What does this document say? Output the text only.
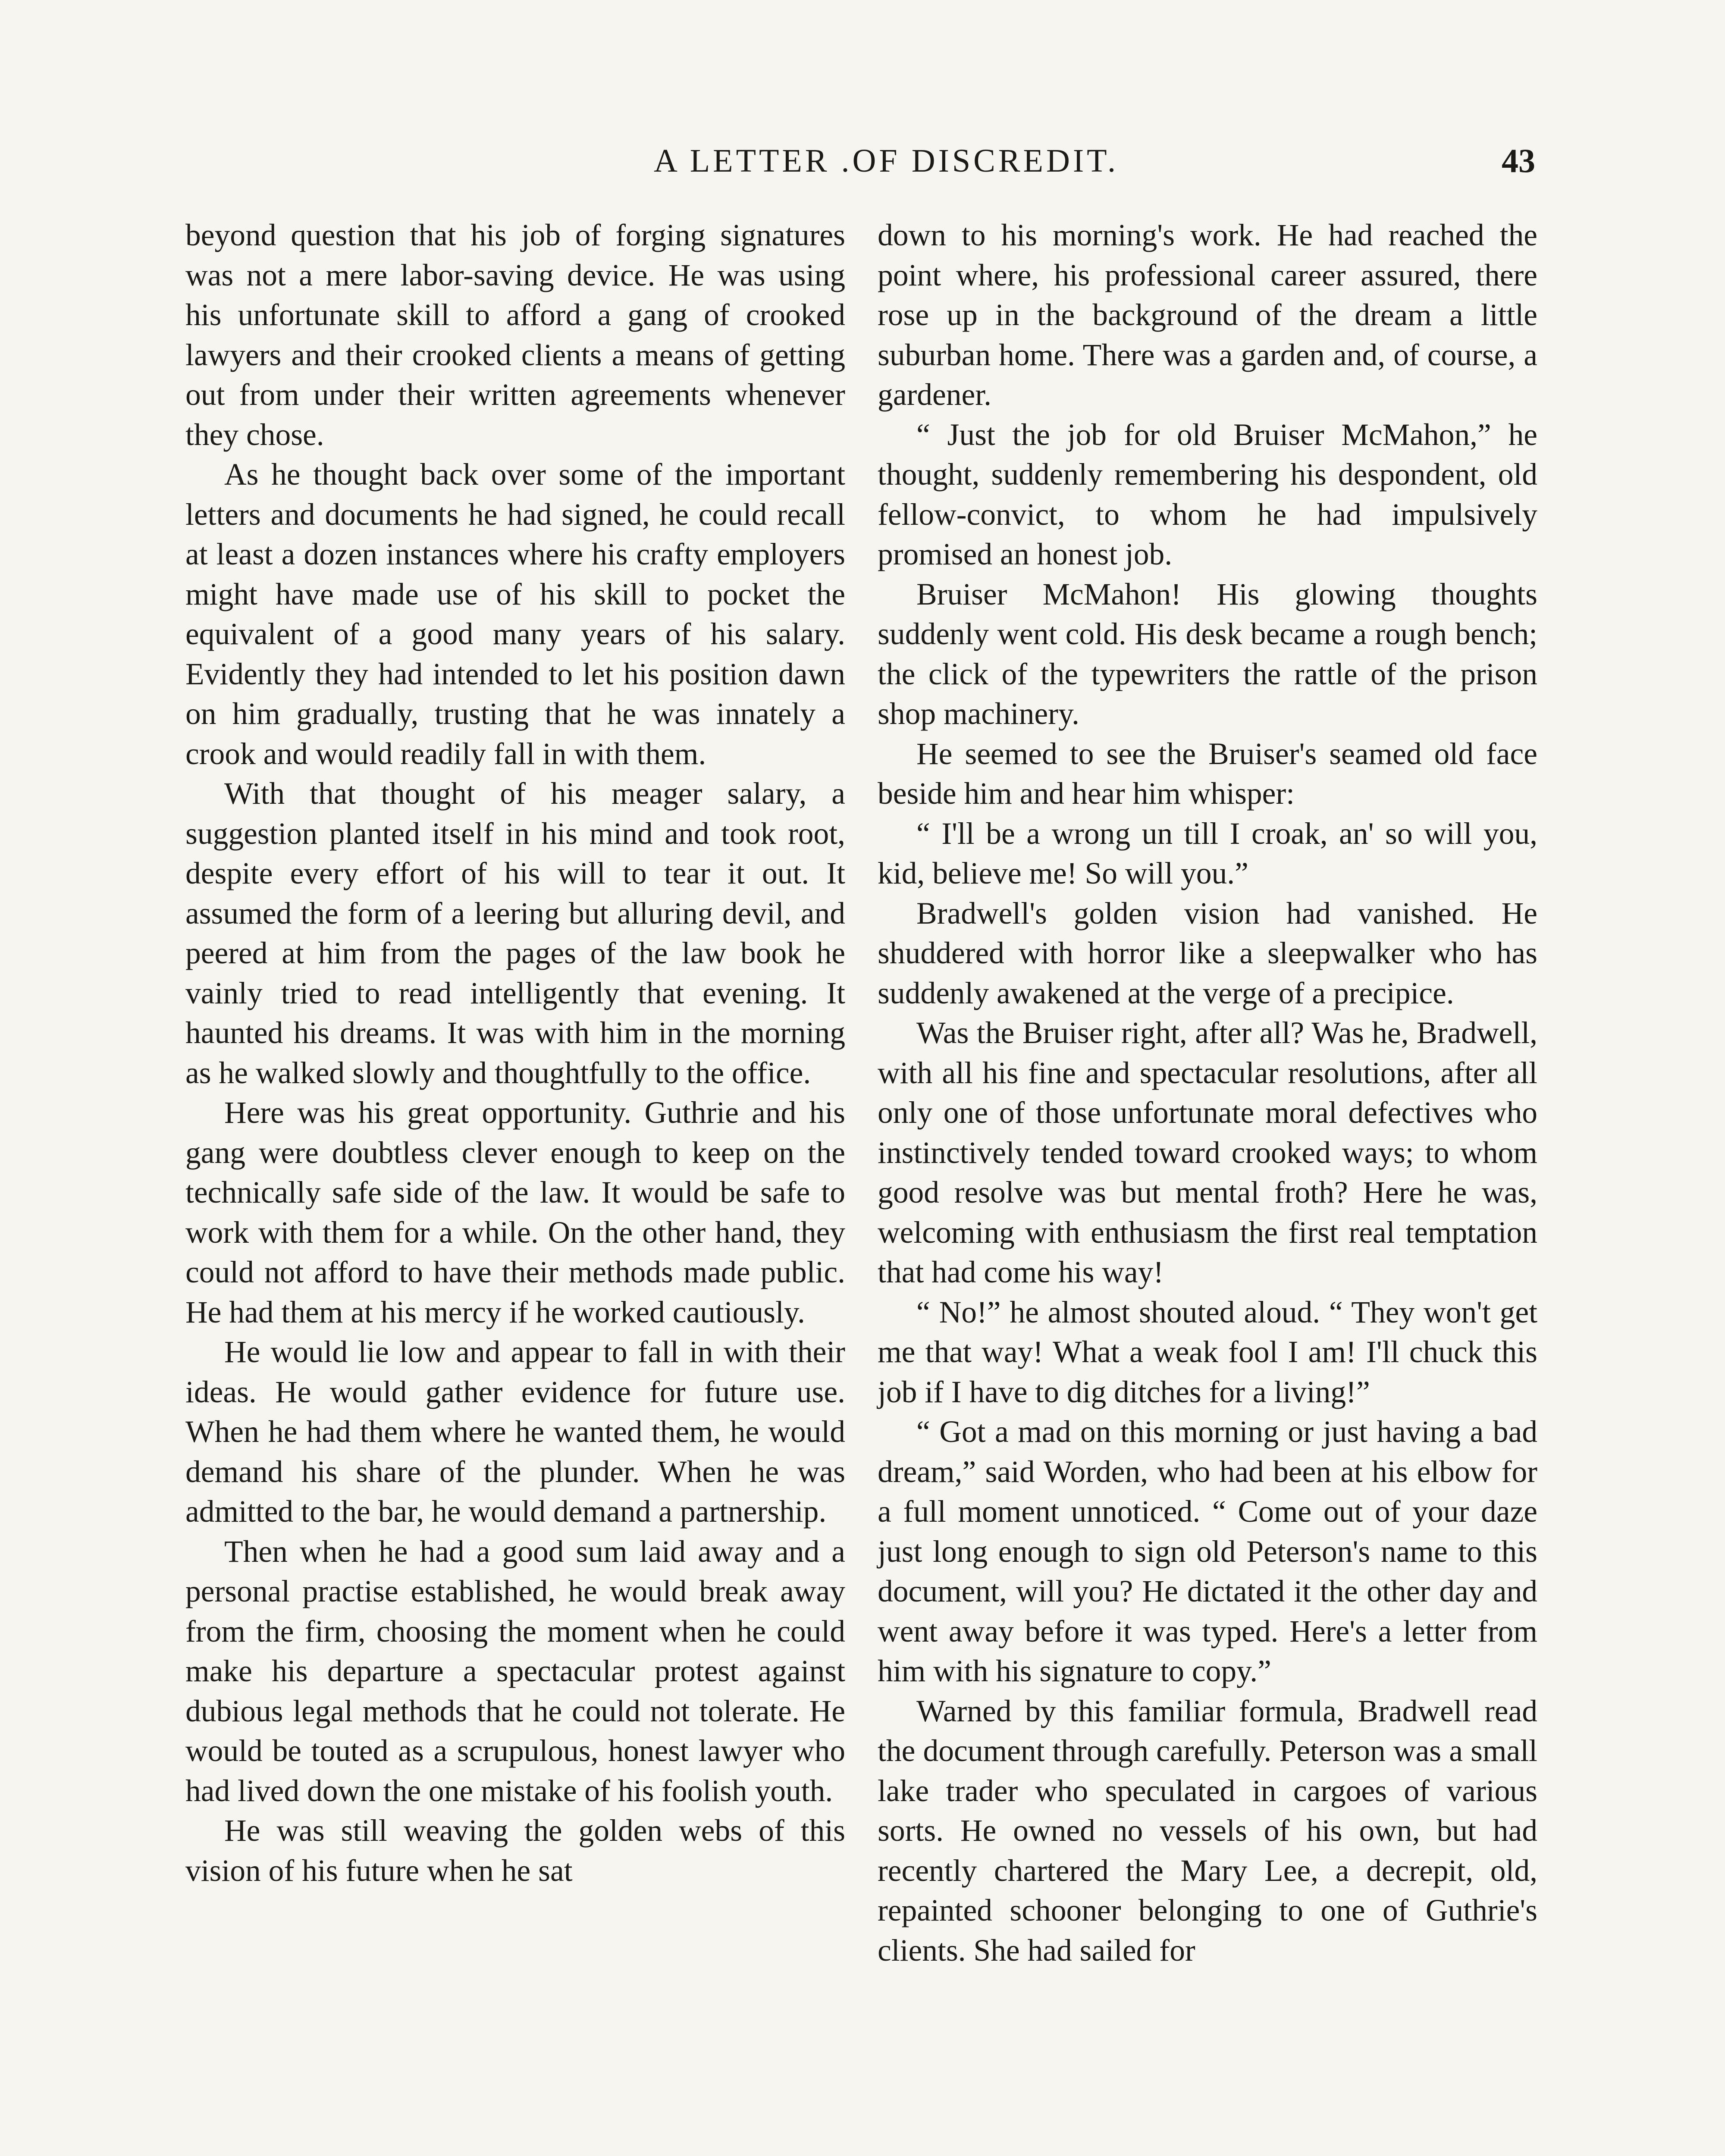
A LETTER .OF DISCREDIT.	43

beyond question that his job of forging signatures was not a mere labor-saving device. He was using his unfortunate skill to afford a gang of crooked lawyers and their crooked clients a means of getting out from under their written agreements whenever they chose.

As he thought back over some of the important letters and documents he had signed, he could recall at least a dozen instances where his crafty employers might have made use of his skill to pocket the equivalent of a good many years of his salary. Evidently they had intended to let his position dawn on him gradually, trusting that he was innately a crook and would readily fall in with them.

With that thought of his meager salary, a suggestion planted itself in his mind and took root, despite every effort of his will to tear it out. It assumed the form of a leering but alluring devil, and peered at him from the pages of the law book he vainly tried to read intelligently that evening. It haunted his dreams. It was with him in the morning as he walked slowly and thoughtfully to the office.

Here was his great opportunity. Guthrie and his gang were doubtless clever enough to keep on the technically safe side of the law. It would be safe to work with them for a while. On the other hand, they could not afford to have their methods made public. He had them at his mercy if he worked cautiously.

He would lie low and appear to fall in with their ideas. He would gather evidence for future use. When he had them where he wanted them, he would demand his share of the plunder. When he was admitted to the bar, he would demand a partnership.

Then when he had a good sum laid away and a personal practise established, he would break away from the firm, choosing the moment when he could make his departure a spectacular protest against dubious legal methods that he could not tolerate. He would be touted as a scrupulous, honest lawyer who had lived down the one mistake of his foolish youth.

He was still weaving the golden webs of this vision of his future when he sat

down to his morning's work. He had reached the point where, his professional career assured, there rose up in the background of the dream a little suburban home. There was a garden and, of course, a gardener.

“ Just the job for old Bruiser McMahon,” he thought, suddenly remembering his despondent, old fellow-convict, to whom he had impulsively promised an honest job.

Bruiser McMahon! His glowing thoughts suddenly went cold. His desk became a rough bench; the click of the typewriters the rattle of the prison shop machinery.

He seemed to see the Bruiser's seamed old face beside him and hear him whisper:

“ I'll be a wrong un till I croak, an' so will you, kid, believe me! So will you.”

Bradwell's golden vision had vanished. He shuddered with horror like a sleepwalker who has suddenly awakened at the verge of a precipice.

Was the Bruiser right, after all? Was he, Bradwell, with all his fine and spectacular resolutions, after all only one of those unfortunate moral defectives who instinctively tended toward crooked ways; to whom good resolve was but mental froth? Here he was, welcoming with enthusiasm the first real temptation that had come his way!

“ No!” he almost shouted aloud. “ They won't get me that way! What a weak fool I am! I'll chuck this job if I have to dig ditches for a living!”

“ Got a mad on this morning or just having a bad dream,” said Worden, who had been at his elbow for a full moment unnoticed. “ Come out of your daze just long enough to sign old Peterson's name to this document, will you? He dictated it the other day and went away before it was typed. Here's a letter from him with his signature to copy.”

Warned by this familiar formula, Bradwell read the document through carefully. Peterson was a small lake trader who speculated in cargoes of various sorts. He owned no vessels of his own, but had recently chartered the Mary Lee, a decrepit, old, repainted schooner belonging to one of Guthrie's clients. She had sailed for
